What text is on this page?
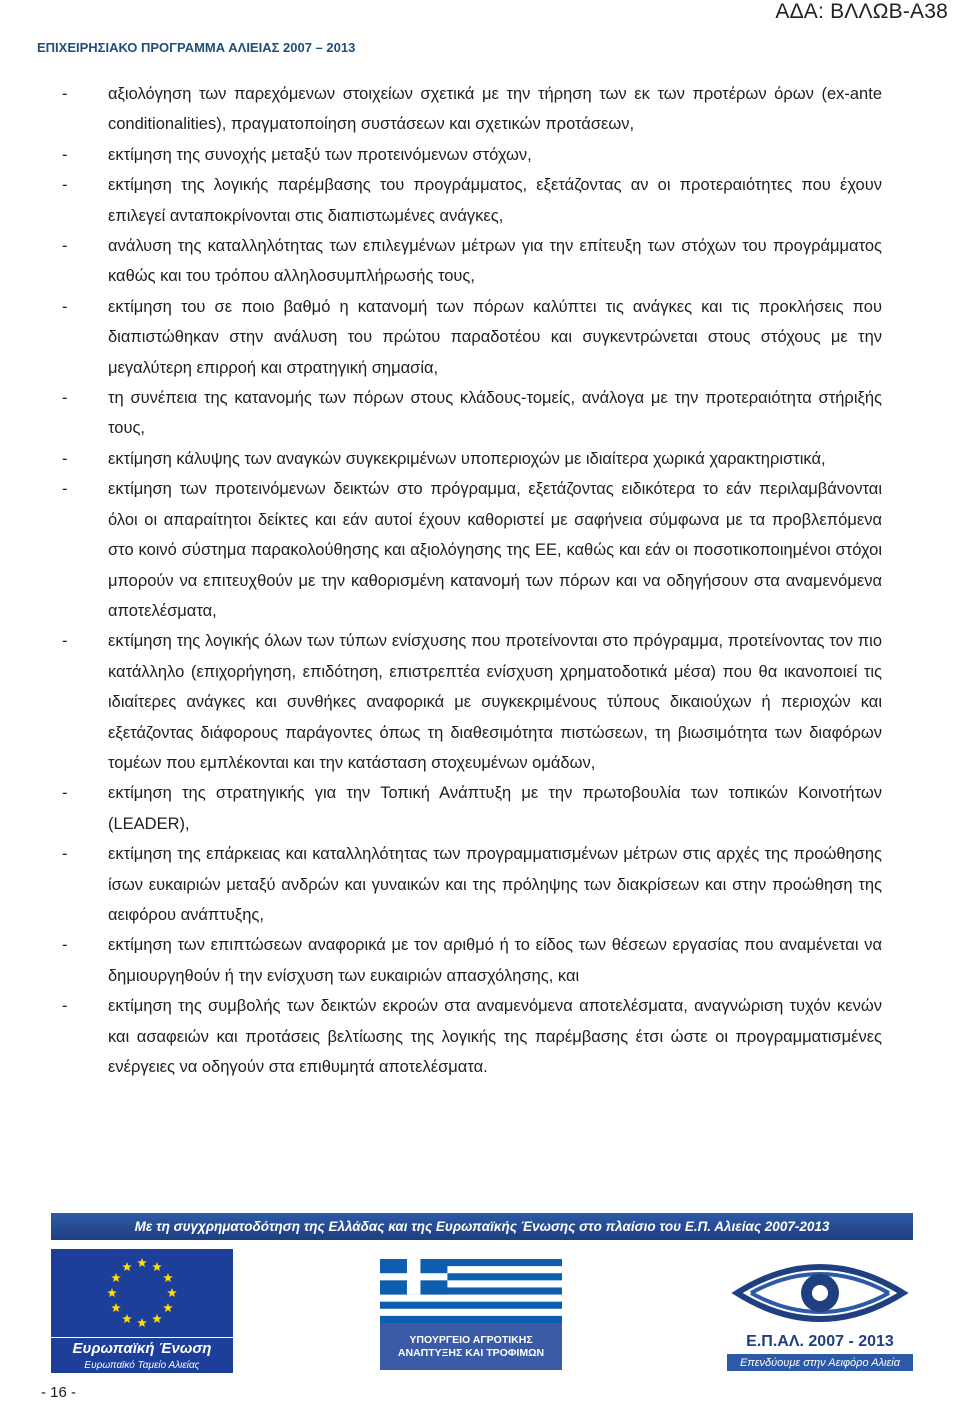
ΑΔΑ: ΒΛΛΩΒ-Α38
ΕΠΙΧΕΙΡΗΣΙΑΚΟ ΠΡΟΓΡΑΜΜΑ ΑΛΙΕΙΑΣ 2007 – 2013
- αξιολόγηση των παρεχόμενων στοιχείων σχετικά με την τήρηση των εκ των προτέρων όρων (ex-ante conditionalities), πραγματοποίηση συστάσεων και σχετικών προτάσεων,
- εκτίμηση της συνοχής μεταξύ των προτεινόμενων στόχων,
- εκτίμηση της λογικής παρέμβασης του προγράμματος, εξετάζοντας αν οι προτεραιότητες που έχουν επιλεγεί ανταποκρίνονται στις διαπιστωμένες ανάγκες,
- ανάλυση της καταλληλότητας των επιλεγμένων μέτρων για την επίτευξη των στόχων του προγράμματος καθώς και του τρόπου αλληλοσυμπλήρωσής τους,
- εκτίμηση του σε ποιο βαθμό η κατανομή των πόρων καλύπτει τις ανάγκες και τις προκλήσεις που διαπιστώθηκαν στην ανάλυση του πρώτου παραδοτέου και συγκεντρώνεται στους στόχους με την μεγαλύτερη επιρροή και στρατηγική σημασία,
- τη συνέπεια της κατανομής των πόρων στους κλάδους-τομείς, ανάλογα με την προτεραιότητα στήριξής τους,
- εκτίμηση κάλυψης των αναγκών συγκεκριμένων υποπεριοχών με ιδιαίτερα χωρικά χαρακτηριστικά,
- εκτίμηση των προτεινόμενων δεικτών στο πρόγραμμα, εξετάζοντας ειδικότερα το εάν περιλαμβάνονται όλοι οι απαραίτητοι δείκτες και εάν αυτοί έχουν καθοριστεί με σαφήνεια σύμφωνα με τα προβλεπόμενα στο κοινό σύστημα παρακολούθησης και αξιολόγησης της ΕΕ, καθώς και εάν οι ποσοτικοποιημένοι στόχοι μπορούν να επιτευχθούν με την καθορισμένη κατανομή των πόρων και να οδηγήσουν στα αναμενόμενα αποτελέσματα,
- εκτίμηση της λογικής όλων των τύπων ενίσχυσης που προτείνονται στο πρόγραμμα, προτείνοντας τον πιο κατάλληλο (επιχορήγηση, επιδότηση, επιστρεπτέα ενίσχυση χρηματοδοτικά μέσα) που θα ικανοποιεί τις ιδιαίτερες ανάγκες και συνθήκες αναφορικά με συγκεκριμένους τύπους δικαιούχων ή περιοχών και εξετάζοντας διάφορους παράγοντες όπως τη διαθεσιμότητα πιστώσεων, τη βιωσιμότητα των διαφόρων τομέων που εμπλέκονται και την κατάσταση στοχευμένων ομάδων,
- εκτίμηση της στρατηγικής για την Τοπική Ανάπτυξη με την πρωτοβουλία των τοπικών Κοινοτήτων (LEADER),
- εκτίμηση της επάρκειας και καταλληλότητας των προγραμματισμένων μέτρων στις αρχές της προώθησης ίσων ευκαιριών μεταξύ ανδρών και γυναικών και της πρόληψης των διακρίσεων και στην προώθηση της αειφόρου ανάπτυξης,
- εκτίμηση των επιπτώσεων αναφορικά με τον αριθμό ή το είδος των θέσεων εργασίας που αναμένεται να δημιουργηθούν ή την ενίσχυση των ευκαιριών απασχόλησης, και
- εκτίμηση της συμβολής των δεικτών εκροών στα αναμενόμενα αποτελέσματα, αναγνώριση τυχόν κενών και ασαφειών και προτάσεις βελτίωσης της λογικής της παρέμβασης έτσι ώστε οι προγραμματισμένες ενέργειες να οδηγούν στα επιθυμητά αποτελέσματα.
Με τη συγχρηματοδότηση της Ελλάδας και της Ευρωπαϊκής Ένωσης στο πλαίσιο του Ε.Π. Αλιείας 2007-2013
Ευρωπαϊκή Ένωση
Ευρωπαϊκό Ταμείο Αλιείας
ΥΠΟΥΡΓΕΙΟ ΑΓΡΟΤΙΚΗΣ
ΑΝΑΠΤΥΞΗΣ ΚΑΙ ΤΡΟΦΙΜΩΝ
Ε.Π.ΑΛ. 2007 - 2013
Επενδύουμε στην Αειφόρο Αλιεία
- 16 -
